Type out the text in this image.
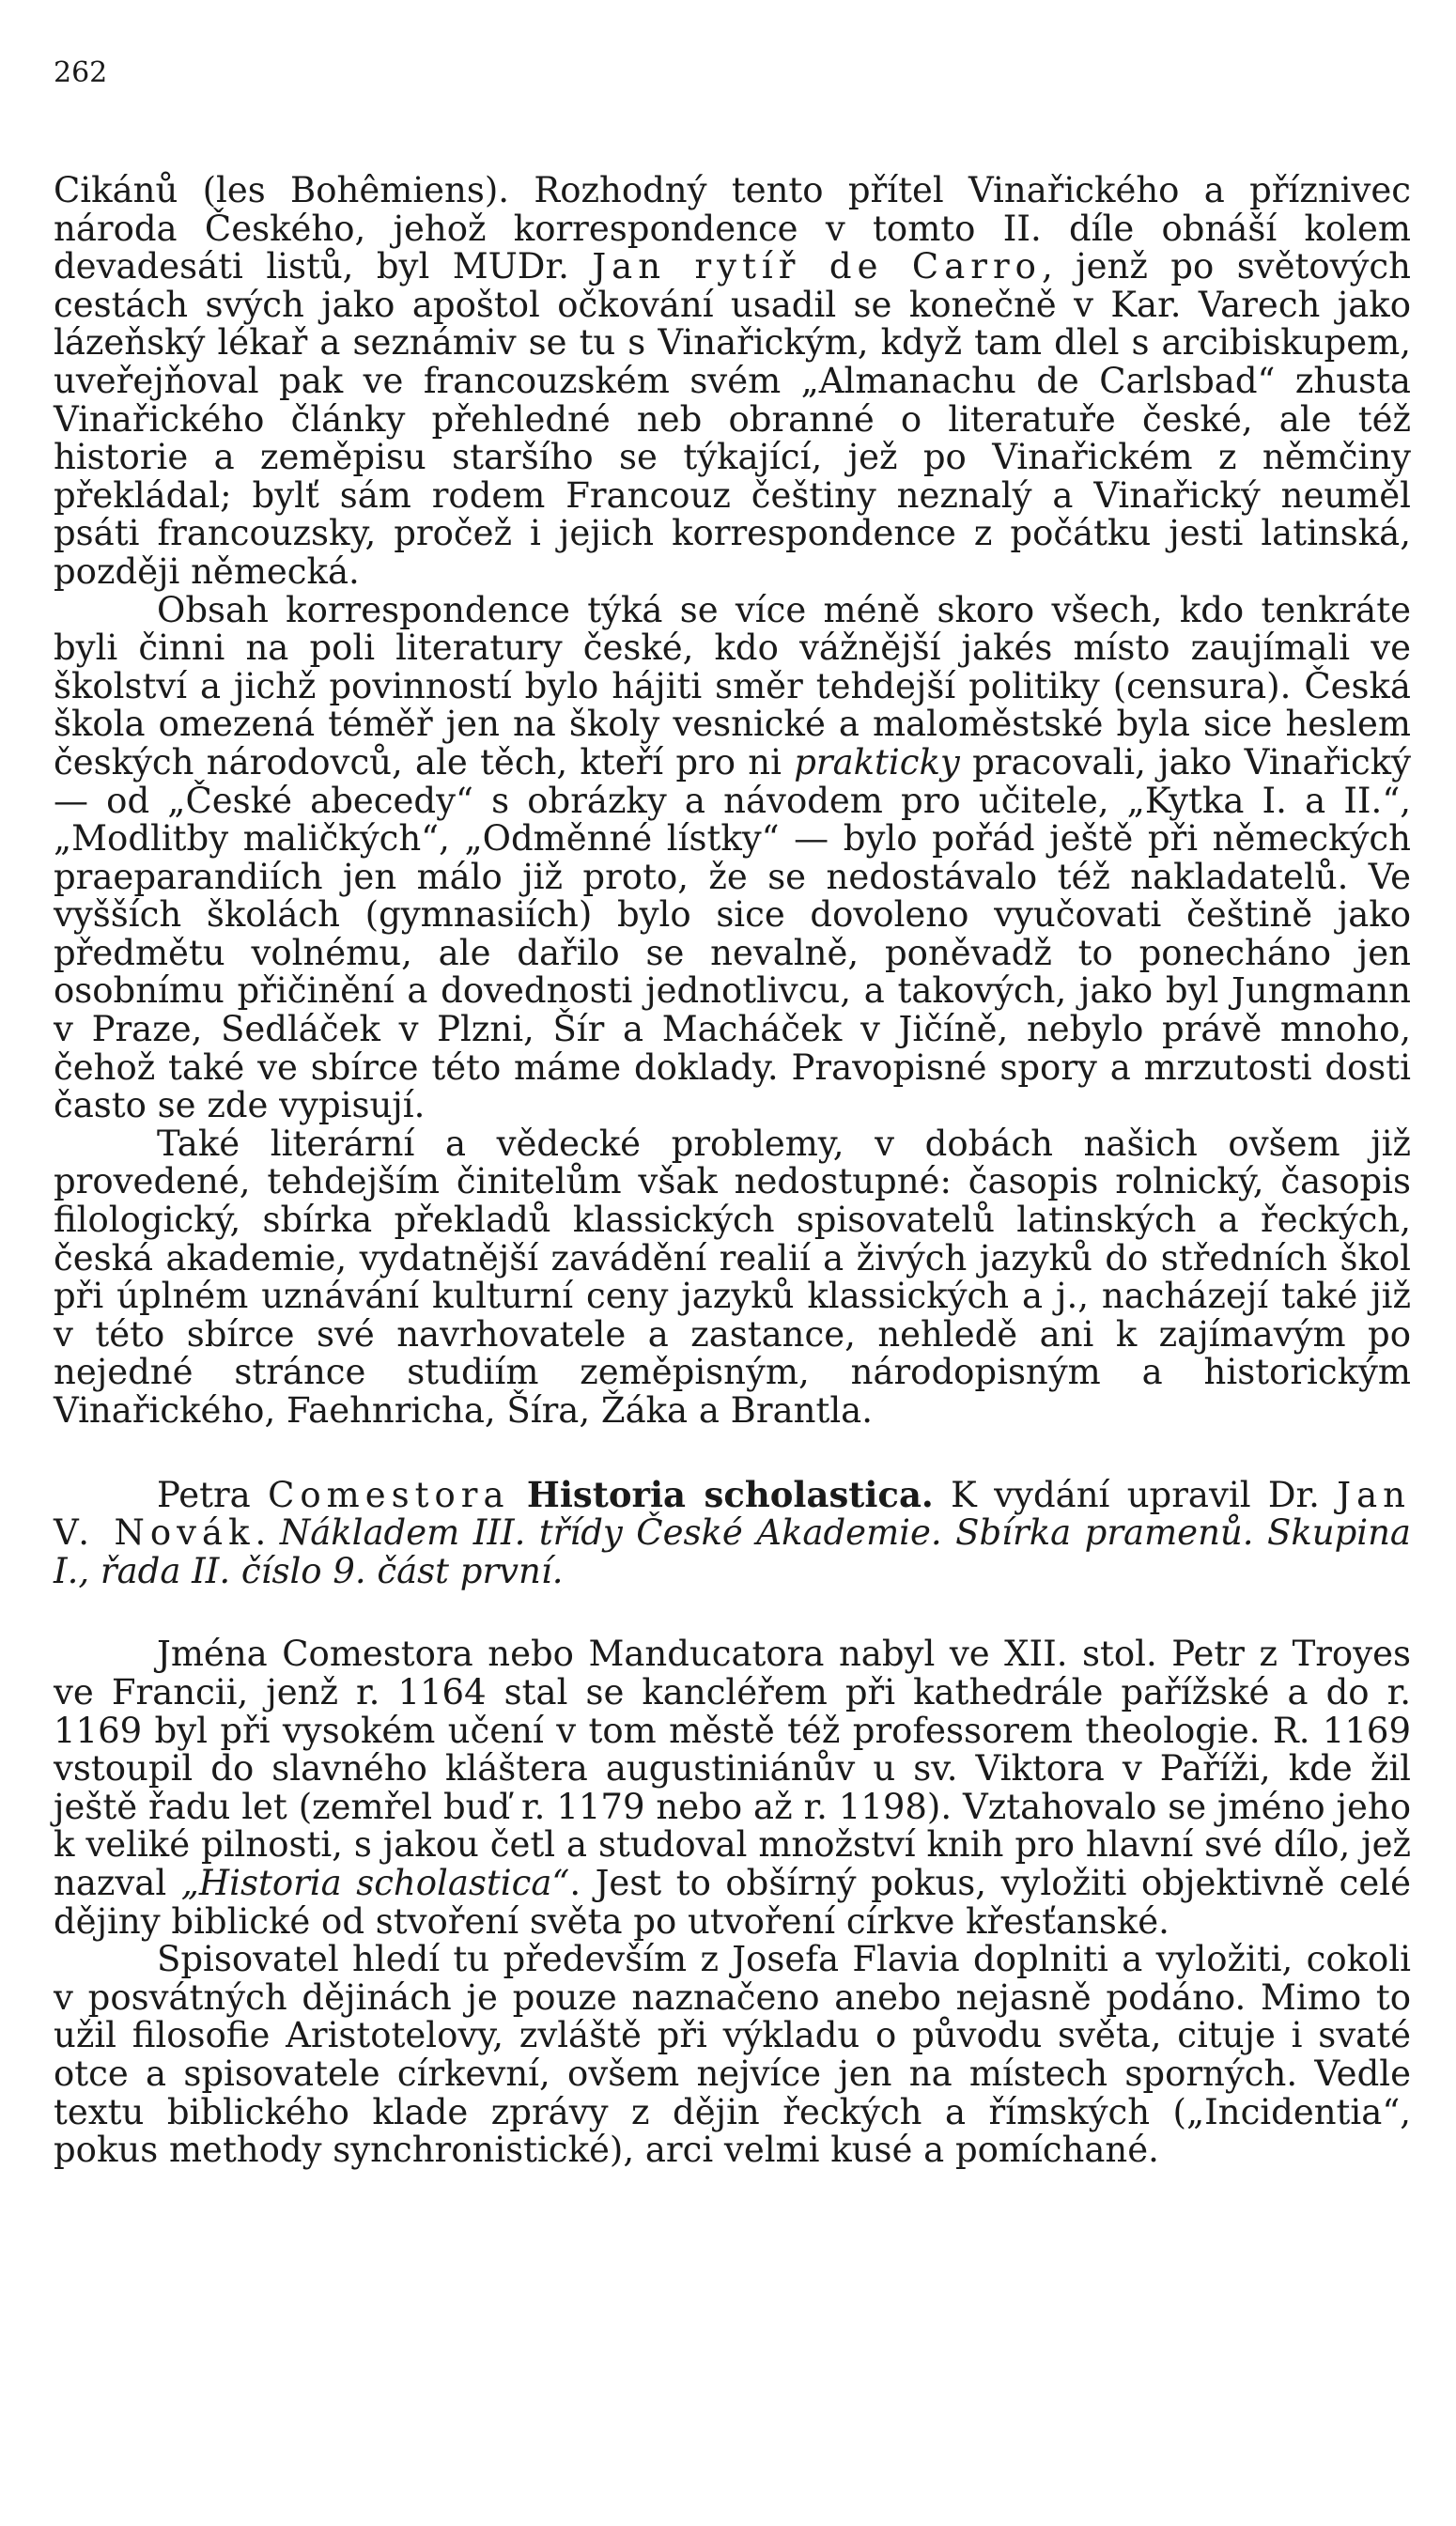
262

Cikánů (les Bohêmiens). Rozhodný tento přítel Vinařického a příznivec národa Českého, jehož korrespondence v tomto II. díle obnáší kolem devadesáti listů, byl MUDr. Jan rytíř de Carro, jenž po světových cestách svých jako apoštol očkování usadil se konečně v Kar. Varech jako lázeňský lékař a seznámiv se tu s Vinařickým, když tam dlel s arcibiskupem, uveřejňoval pak ve francouzském svém „Almanachu de Carlsbad“ zhusta Vinařického články přehledné neb obranné o literatuře české, ale též historie a zeměpisu staršího se týkající, jež po Vinařickém z němčiny překládal; bylť sám rodem Francouz češtiny neznalý a Vinařický neuměl psáti francouzsky, pročež i jejich korrespondence z počátku jesti latinská, později německá.

Obsah korrespondence týká se více méně skoro všech, kdo tenkráte byli činni na poli literatury české, kdo vážnější jakés místo zaujímali ve školství a jichž povinností bylo hájiti směr tehdejší politiky (censura). Česká škola omezená téměř jen na školy vesnické a maloměstské byla sice heslem českých národovců, ale těch, kteří pro ni prakticky pracovali, jako Vinařický — od „České abecedy“ s obrázky a návodem pro učitele, „Kytka I. a II.“, „Modlitby maličkých“, „Odměnné lístky“ — bylo pořád ještě při německých praeparandiích jen málo již proto, že se nedostávalo též nakladatelů. Ve vyšších školách (gymnasiích) bylo sice dovoleno vyučovati češtině jako předmětu volnému, ale dařilo se nevalně, poněvadž to ponecháno jen osobnímu přičinění a dovednosti jednotlivcu, a takových, jako byl Jungmann v Praze, Sedláček v Plzni, Šír a Macháček v Jičíně, nebylo právě mnoho, čehož také ve sbírce této máme doklady. Pravopisné spory a mrzutosti dosti často se zde vypisují.

Také literární a vědecké problemy, v dobách našich ovšem již provedené, tehdejším činitelům však nedostupné: časopis rolnický, časopis filologický, sbírka překladů klassických spisovatelů latinských a řeckých, česká akademie, vydatnější zavádění realií a živých jazyků do středních škol při úplném uznávání kulturní ceny jazyků klassických a j., nacházejí také již v této sbírce své navrhovatele a zastance, nehledě ani k zajímavým po nejedné stránce studiím zeměpisným, národopisným a historickým Vinařického, Faehnricha, Šíra, Žáka a Brantla.

Petra Comestora Historia scholastica. K vydání upravil Dr. Jan V. Novák. Nákladem III. třídy České Akademie. Sbírka pramenů. Skupina I., řada II. číslo 9. část první.

Jména Comestora nebo Manducatora nabyl ve XII. stol. Petr z Troyes ve Francii, jenž r. 1164 stal se kancléřem při kathedrále pařížské a do r. 1169 byl při vysokém učení v tom městě též professorem theologie. R. 1169 vstoupil do slavného kláštera augustiniánův u sv. Viktora v Paříži, kde žil ještě řadu let (zemřel buď r. 1179 nebo až r. 1198). Vztahovalo se jméno jeho k veliké pilnosti, s jakou četl a studoval množství knih pro hlavní své dílo, jež nazval „Historia scholastica“. Jest to obšírný pokus, vyložiti objektivně celé dějiny biblické od stvoření světa po utvoření církve křesťanské.

Spisovatel hledí tu především z Josefa Flavia doplniti a vyložiti, cokoli v posvátných dějinách je pouze naznačeno anebo nejasně podáno. Mimo to užil filosofie Aristotelovy, zvláště při výkladu o původu světa, cituje i svaté otce a spisovatele církevní, ovšem nejvíce jen na místech sporných. Vedle textu biblického klade zprávy z dějin řeckých a římských („Incidentia“, pokus methody synchronistické), arci velmi kusé a pomíchané.
